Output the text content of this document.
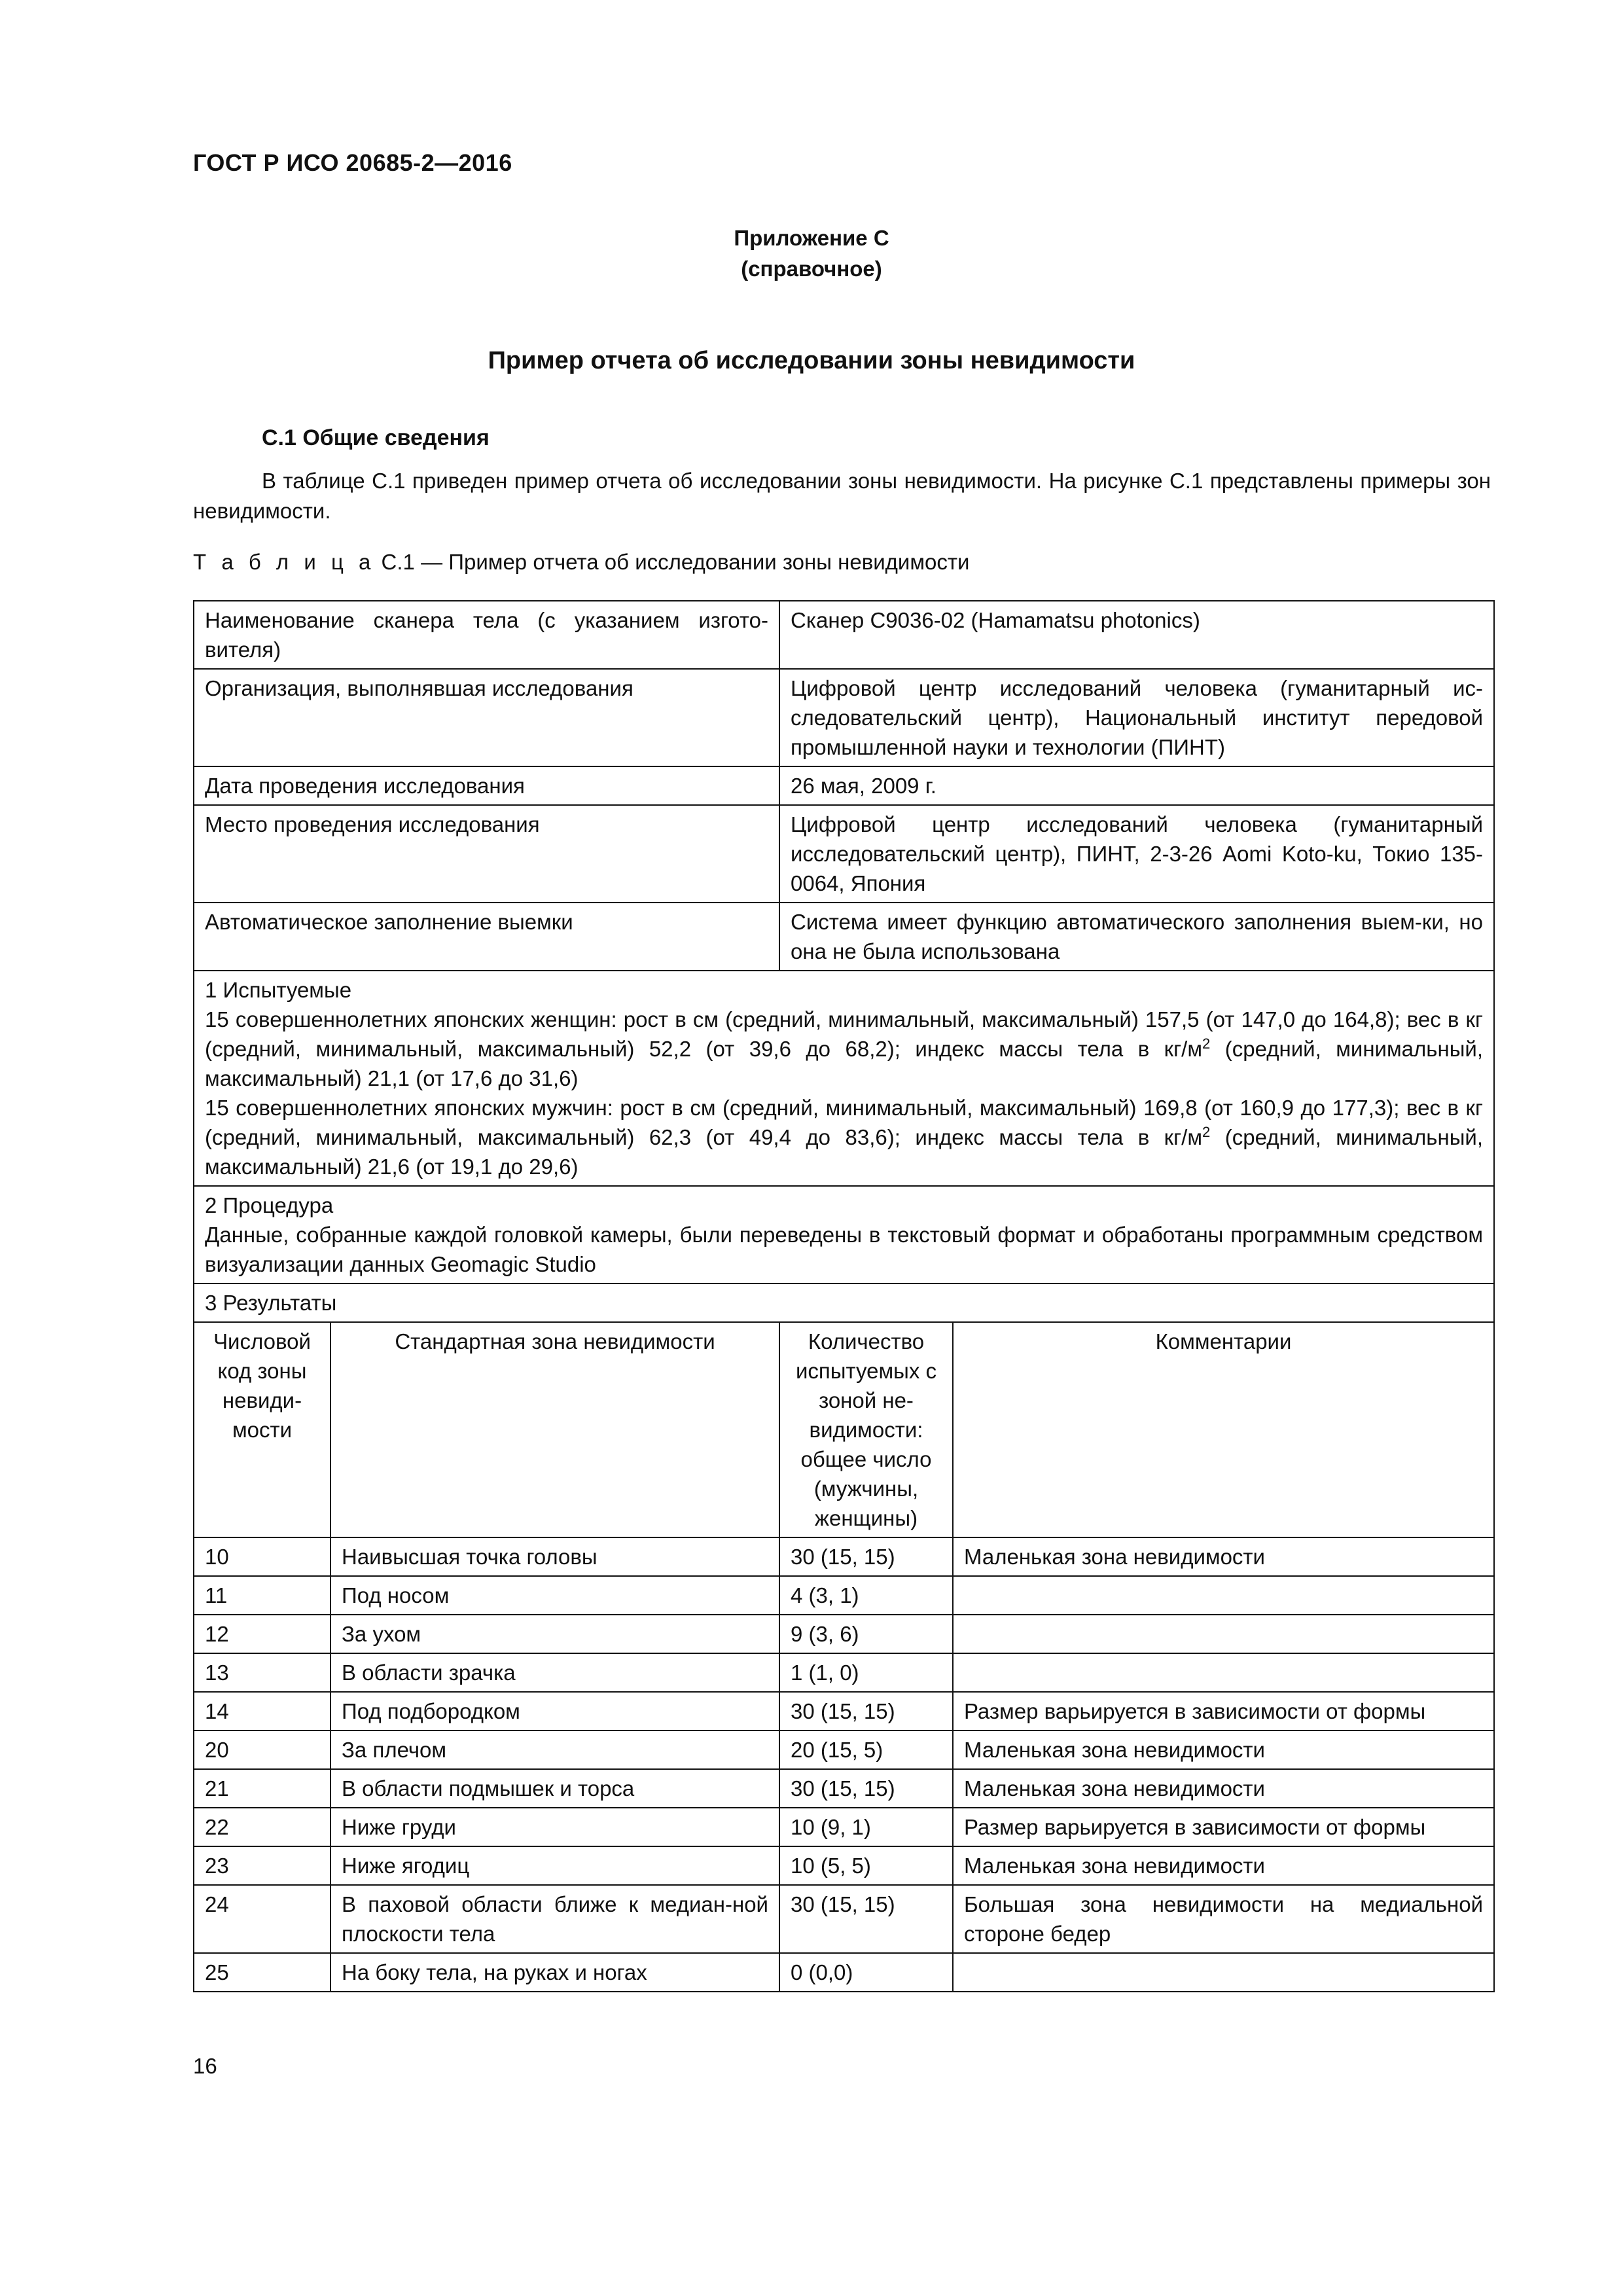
ГОСТ Р ИСО 20685-2—2016
Приложение С
(справочное)
Пример отчета об исследовании зоны невидимости
С.1 Общие сведения
В таблице С.1 приведен пример отчета об исследовании зоны невидимости. На рисунке С.1 представлены примеры зон невидимости.
Т а б л и ц а С.1 — Пример отчета об исследовании зоны невидимости
Наименование сканера тела (с указанием изгото-вителя)		Сканер C9036-02 (Hamamatsu photonics)	
Организация, выполнявшая исследования		Цифровой центр исследований человека (гуманитарный ис-следовательский центр), Национальный институт передовой промышленной науки и технологии (ПИНТ)	
Дата проведения исследования		26 мая, 2009 г.	
Место проведения исследования		Цифровой центр исследований человека (гуманитарный исследовательский центр), ПИНТ, 2-3-26 Aomi Koto-ku, Токио 135-0064, Япония	
Автоматическое заполнение выемки		Система имеет функцию автоматического заполнения выем-ки, но она не была использована	

1 Испытуемые
15 совершеннолетних японских женщин: рост в см (средний, минимальный, максимальный) 157,5 (от 147,0 до 164,8); вес в кг (средний, минимальный, максимальный) 52,2 (от 39,6 до 68,2); индекс массы тела в $кг/м^2$ (средний, минимальный, максимальный) 21,1 (от 17,6 до 31,6)
15 совершеннолетних японских мужчин: рост в см (средний, минимальный, максимальный) 169,8 (от 160,9 до 177,3); вес в кг (средний, минимальный, максимальный) 62,3 (от 49,4 до 83,6); индекс массы тела в $кг/м^2$ (средний, минимальный, максимальный) 21,6 (от 19,1 до 29,6)			

2 Процедура
Данные, собранные каждой головкой камеры, были переведены в текстовый формат и обработаны программным средством визуализации данных Geomagic Studio			

3 Результаты			
Числовой код зоны невиди-мости	Стандартная зона невидимости	Количество испытуемых с зоной не-видимости: общее число (мужчины, женщины)	Комментарии
10	Наивысшая точка головы	30 (15, 15)	Маленькая зона невидимости
11	Под носом	4 (3, 1)	
12	За ухом	9 (3, 6)	
13	В области зрачка	1 (1, 0)	
14	Под подбородком	30 (15, 15)	Размер варьируется в зависимости от формы
20	За плечом	20 (15, 5)	Маленькая зона невидимости
21	В области подмышек и торса	30 (15, 15)	Маленькая зона невидимости
22	Ниже груди	10 (9, 1)	Размер варьируется в зависимости от формы
23	Ниже ягодиц	10 (5, 5)	Маленькая зона невидимости
24	В паховой области ближе к медиан-ной плоскости тела	30 (15, 15)	Большая зона невидимости на медиальной стороне бедер
25	На боку тела, на руках и ногах	0 (0,0)	
16
